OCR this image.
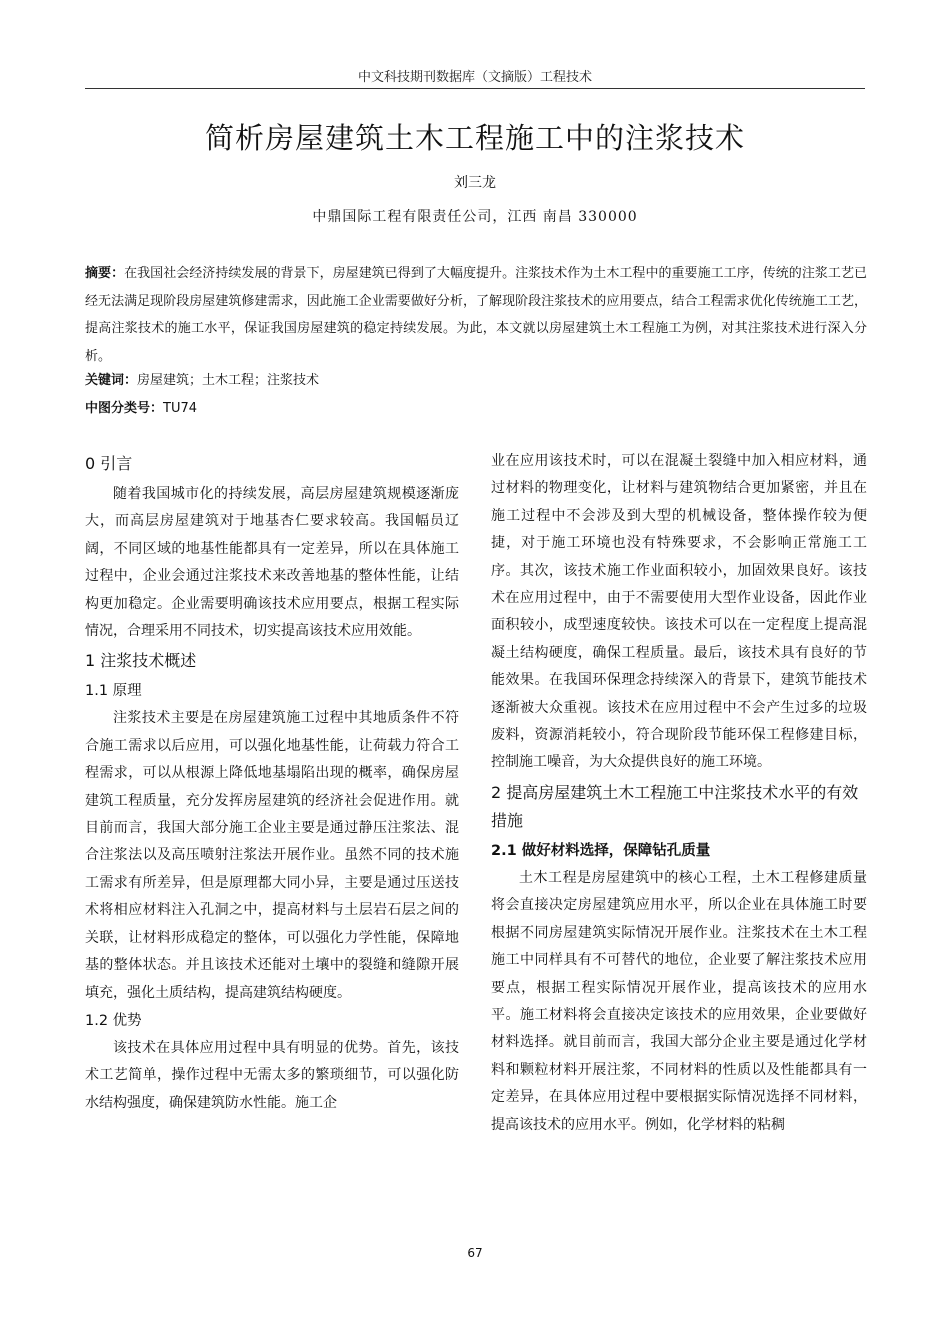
中文科技期刊数据库（文摘版）工程技术
简析房屋建筑土木工程施工中的注浆技术
刘三龙
中鼎国际工程有限责任公司，江西 南昌 330000
摘要：在我国社会经济持续发展的背景下，房屋建筑已得到了大幅度提升。注浆技术作为土木工程中的重要施工工序，传统的注浆工艺已经无法满足现阶段房屋建筑修建需求，因此施工企业需要做好分析，了解现阶段注浆技术的应用要点，结合工程需求优化传统施工工艺，提高注浆技术的施工水平，保证我国房屋建筑的稳定持续发展。为此，本文就以房屋建筑土木工程施工为例，对其注浆技术进行深入分析。
关键词：房屋建筑；土木工程；注浆技术
中图分类号：TU74
0 引言

随着我国城市化的持续发展，高层房屋建筑规模逐渐庞大，而高层房屋建筑对于地基杏仁要求较高。我国幅员辽阔，不同区域的地基性能都具有一定差异，所以在具体施工过程中，企业会通过注浆技术来改善地基的整体性能，让结构更加稳定。企业需要明确该技术应用要点，根据工程实际情况，合理采用不同技术，切实提高该技术应用效能。

1 注浆技术概述
1.1 原理

注浆技术主要是在房屋建筑施工过程中其地质条件不符合施工需求以后应用，可以强化地基性能，让荷载力符合工程需求，可以从根源上降低地基塌陷出现的概率，确保房屋建筑工程质量，充分发挥房屋建筑的经济社会促进作用。就目前而言，我国大部分施工企业主要是通过静压注浆法、混合注浆法以及高压喷射注浆法开展作业。虽然不同的技术施工需求有所差异，但是原理都大同小异，主要是通过压送技术将相应材料注入孔洞之中，提高材料与土层岩石层之间的关联，让材料形成稳定的整体，可以强化力学性能，保障地基的整体状态。并且该技术还能对土壤中的裂缝和缝隙开展填充，强化土质结构，提高建筑结构硬度。

1.2 优势

该技术在具体应用过程中具有明显的优势。首先，该技术工艺简单，操作过程中无需太多的繁琐细节，可以强化防水结构强度，确保建筑防水性能。施工企

业在应用该技术时，可以在混凝土裂缝中加入相应材料，通过材料的物理变化，让材料与建筑物结合更加紧密，并且在施工过程中不会涉及到大型的机械设备，整体操作较为便捷，对于施工环境也没有特殊要求，不会影响正常施工工序。其次，该技术施工作业面积较小，加固效果良好。该技术在应用过程中，由于不需要使用大型作业设备，因此作业面积较小，成型速度较快。该技术可以在一定程度上提高混凝土结构硬度，确保工程质量。最后，该技术具有良好的节能效果。在我国环保理念持续深入的背景下，建筑节能技术逐渐被大众重视。该技术在应用过程中不会产生过多的垃圾废料，资源消耗较小，符合现阶段节能环保工程修建目标，控制施工噪音，为大众提供良好的施工环境。

2 提高房屋建筑土木工程施工中注浆技术水平的有效措施
2.1 做好材料选择，保障钻孔质量

土木工程是房屋建筑中的核心工程，土木工程修建质量将会直接决定房屋建筑应用水平，所以企业在具体施工时要根据不同房屋建筑实际情况开展作业。注浆技术在土木工程施工中同样具有不可替代的地位，企业要了解注浆技术应用要点，根据工程实际情况开展作业，提高该技术的应用水平。施工材料将会直接决定该技术的应用效果，企业要做好材料选择。就目前而言，我国大部分企业主要是通过化学材料和颗粒材料开展注浆，不同材料的性质以及性能都具有一定差异，在具体应用过程中要根据实际情况选择不同材料，提高该技术的应用水平。例如，化学材料的粘稠

67
